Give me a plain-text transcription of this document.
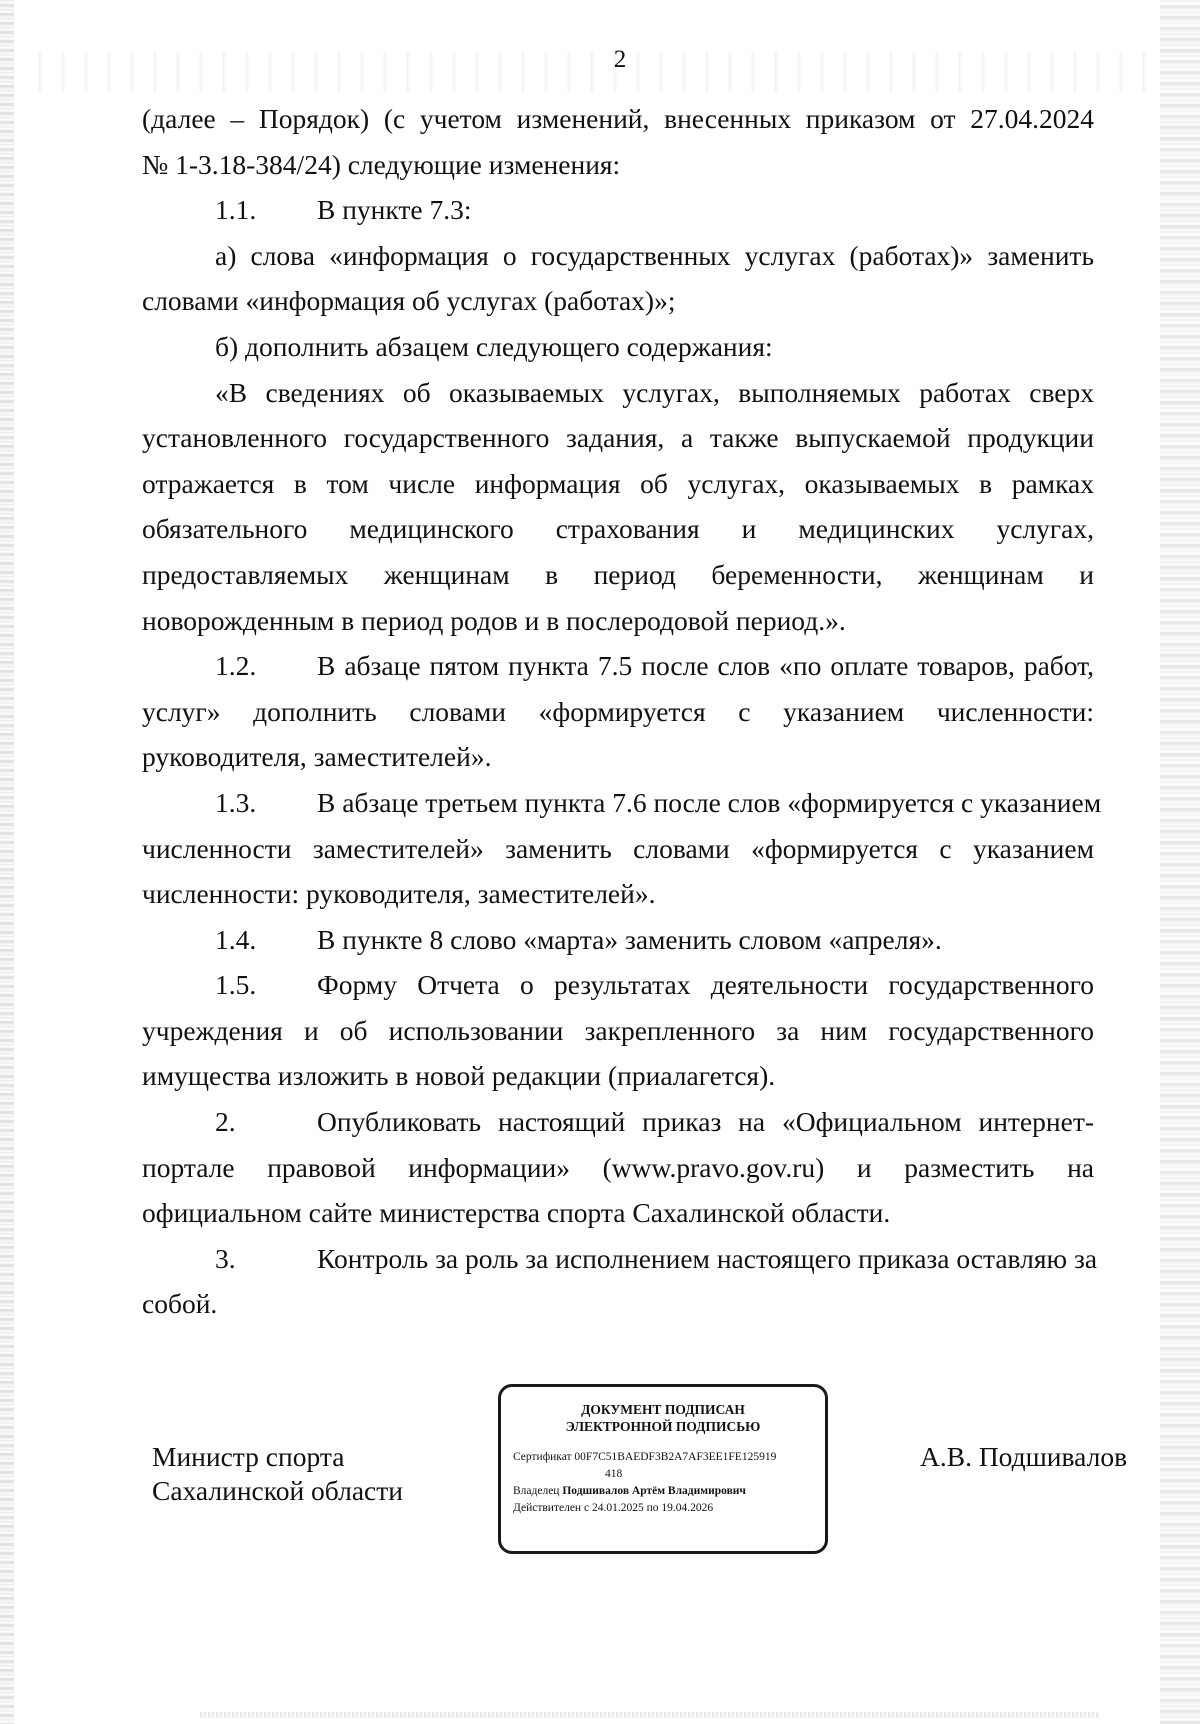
2
(далее – Порядок) (с учетом изменений, внесенных приказом от 27.04.2024
№ 1-3.18-384/24) следующие изменения:
1.1. В пункте 7.3:
а) слова «информация о государственных услугах (работах)» заменить
словами «информация об услугах (работах)»;
б) дополнить абзацем следующего содержания:
«В сведениях об оказываемых услугах, выполняемых работах сверх
установленного государственного задания, а также выпускаемой продукции
отражается в том числе информация об услугах, оказываемых в рамках
обязательного медицинского страхования и медицинских услугах,
предоставляемых женщинам в период беременности, женщинам и
новорожденным в период родов и в послеродовой период.».
1.2. В абзаце пятом пункта 7.5 после слов «по оплате товаров, работ,
услуг» дополнить словами «формируется с указанием численности:
руководителя, заместителей».
1.3. В абзаце третьем пункта 7.6 после слов «формируется с указанием
численности заместителей» заменить словами «формируется с указанием
численности: руководителя, заместителей».
1.4. В пункте 8 слово «марта» заменить словом «апреля».
1.5. Форму Отчета о результатах деятельности государственного
учреждения и об использовании закрепленного за ним государственного
имущества изложить в новой редакции (приалагется).
2.	Опубликовать настоящий приказ на «Официальном интернет-
портале правовой информации» (www.pravo.gov.ru) и разместить на
официальном сайте министерства спорта Сахалинской области.
3.	Контроль за роль за исполнением настоящего приказа оставляю за
собой.
Министр спорта
Сахалинской области
ДОКУМЕНТ ПОДПИСАН
ЭЛЕКТРОННОЙ ПОДПИСЬЮ
Сертификат 00F7C51BAEDF3B2A7AF3EE1FE125919
418
Владелец Подшивалов Артём Владимирович
Действителен с 24.01.2025 по 19.04.2026
А.В. Подшивалов
